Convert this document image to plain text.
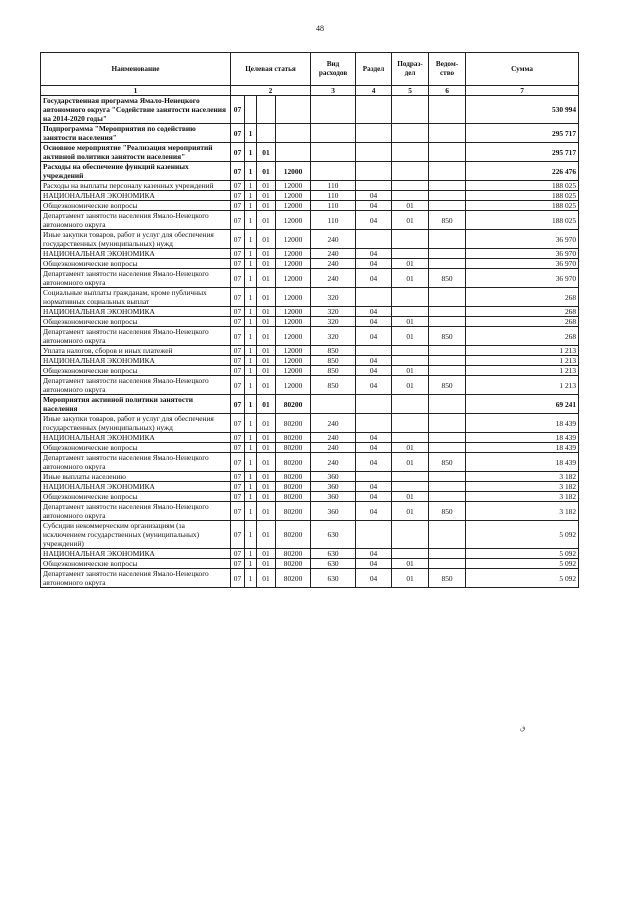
48
Наименование	Целевая статья				Вид расходов	Раздел	Подраз-дел	Ведом-ство	Сумма
1	2				3	4	5	6	7
Государственная программа Ямало-Ненецкого автономного округа "Содействие занятости населения на 2014-2020 годы"	07								530 994
Подпрограмма "Мероприятия по содействию занятости населения"	07	1							295 717
Основное мероприятие "Реализация мероприятий активной политики занятости населения"	07	1	01						295 717
Расходы на обеспечение функций казенных учреждений	07	1	01	12000					226 476
Расходы на выплаты персоналу казенных учреждений	07	1	01	12000	110				188 025
НАЦИОНАЛЬНАЯ ЭКОНОМИКА	07	1	01	12000	110	04			188 025
Общеэкономические вопросы	07	1	01	12000	110	04	01		188 025
Департамент занятости населения Ямало-Ненецкого автономного округа	07	1	01	12000	110	04	01	850	188 025
Иные закупки товаров, работ и услуг для обеспечения государственных (муниципальных) нужд	07	1	01	12000	240				36 970
НАЦИОНАЛЬНАЯ ЭКОНОМИКА	07	1	01	12000	240	04			36 970
Общеэкономические вопросы	07	1	01	12000	240	04	01		36 970
Департамент занятости населения Ямало-Ненецкого автономного округа	07	1	01	12000	240	04	01	850	36 970
Социальные выплаты гражданам, кроме публичных нормативных социальных выплат	07	1	01	12000	320				268
НАЦИОНАЛЬНАЯ ЭКОНОМИКА	07	1	01	12000	320	04			268
Общеэкономические вопросы	07	1	01	12000	320	04	01		268
Департамент занятости населения Ямало-Ненецкого автономного округа	07	1	01	12000	320	04	01	850	268
Уплата налогов, сборов и иных платежей	07	1	01	12000	850				1 213
НАЦИОНАЛЬНАЯ ЭКОНОМИКА	07	1	01	12000	850	04			1 213
Общеэкономические вопросы	07	1	01	12000	850	04	01		1 213
Департамент занятости населения Ямало-Ненецкого автономного округа	07	1	01	12000	850	04	01	850	1 213
Мероприятия активной политики занятости населения	07	1	01	80200					69 241
Иные закупки товаров, работ и услуг для обеспечения государственных (муниципальных) нужд	07	1	01	80200	240				18 439
НАЦИОНАЛЬНАЯ ЭКОНОМИКА	07	1	01	80200	240	04			18 439
Общеэкономические вопросы	07	1	01	80200	240	04	01		18 439
Департамент занятости населения Ямало-Ненецкого автономного округа	07	1	01	80200	240	04	01	850	18 439
Иные выплаты населению	07	1	01	80200	360				3 182
НАЦИОНАЛЬНАЯ ЭКОНОМИКА	07	1	01	80200	360	04			3 182
Общеэкономические вопросы	07	1	01	80200	360	04	01		3 182
Департамент занятости населения Ямало-Ненецкого автономного округа	07	1	01	80200	360	04	01	850	3 182
Субсидии некоммерческим организациям (за исключением государственных (муниципальных) учреждений)	07	1	01	80200	630				5 092
НАЦИОНАЛЬНАЯ ЭКОНОМИКА	07	1	01	80200	630	04			5 092
Общеэкономические вопросы	07	1	01	80200	630	04	01		5 092
Департамент занятости населения Ямало-Ненецкого автономного округа	07	1	01	80200	630	04	01	850	5 092
ٯ
